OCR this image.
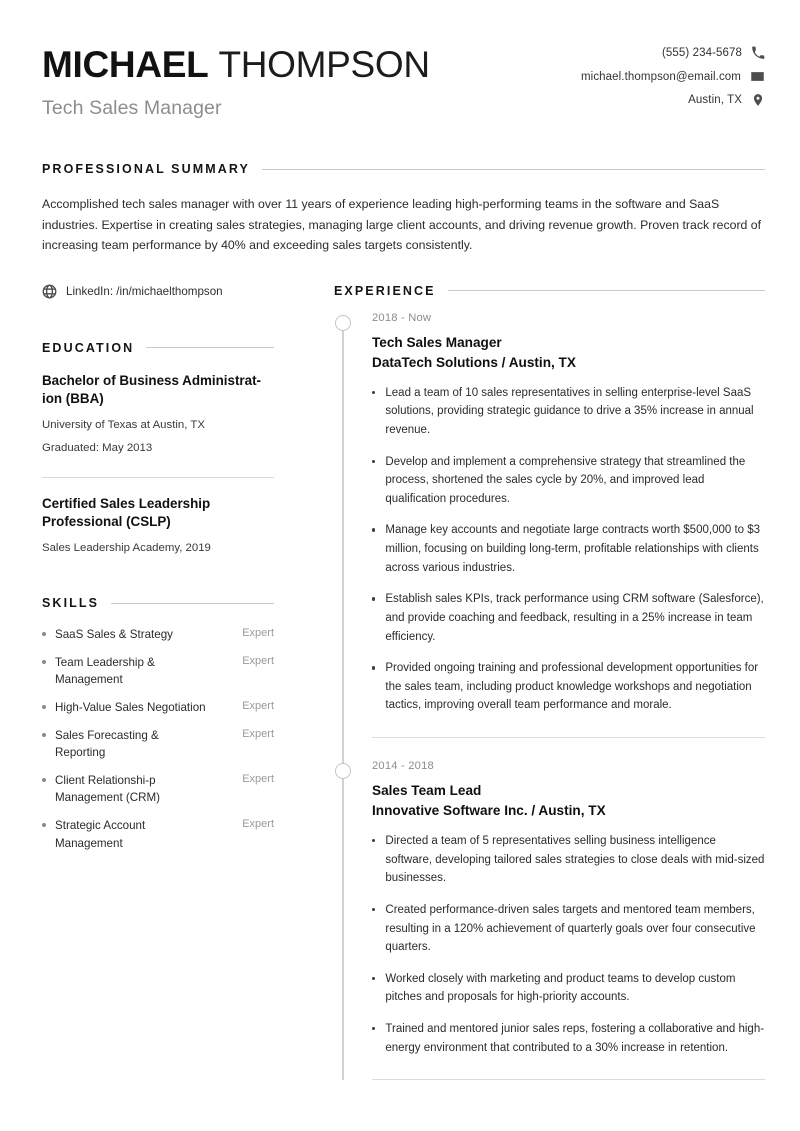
MICHAEL THOMPSON
Tech Sales Manager
(555) 234-5678
michael.thompson@email.com
Austin, TX
PROFESSIONAL SUMMARY

Accomplished tech sales manager with over 11 years of experience leading high-performing teams in the software and SaaS industries. Expertise in creating sales strategies, managing large client accounts, and driving revenue growth. Proven track record of increasing team performance by 40% and exceeding sales targets consistently.

LinkedIn: /in/michaelthompson
EDUCATION
Bachelor of Business Administrat-ion (BBA)
University of Texas at Austin, TX
Graduated: May 2013
Certified Sales Leadership Professional (CSLP)
Sales Leadership Academy, 2019
SKILLS
SaaS Sales & Strategy	Expert
Team Leadership & Management
Expert
High-Value Sales Negotiation	Expert
Sales Forecasting & Reporting
Expert
Client Relationshi-p Management (CRM)
Expert
Strategic Account Management
Expert
EXPERIENCE
2018 - Now
Tech Sales Manager
DataTech Solutions / Austin, TX
Lead a team of 10 sales representatives in selling enterprise-level SaaS solutions, providing strategic guidance to drive a 35% increase in annual revenue.
Develop and implement a comprehensive strategy that streamlined the process, shortened the sales cycle by 20%, and improved lead qualification procedures.
Manage key accounts and negotiate large contracts worth $500,000 to $3 million, focusing on building long-term, profitable relationships with clients across various industries.
Establish sales KPIs, track performance using CRM software (Salesforce), and provide coaching and feedback, resulting in a 25% increase in team efficiency.
Provided ongoing training and professional development opportunities for the sales team, including product knowledge workshops and negotiation tactics, improving overall team performance and morale.
2014 - 2018
Sales Team Lead
Innovative Software Inc. / Austin, TX
Directed a team of 5 representatives selling business intelligence software, developing tailored sales strategies to close deals with mid-sized businesses.
Created performance-driven sales targets and mentored team members, resulting in a 120% achievement of quarterly goals over four consecutive quarters.
Worked closely with marketing and product teams to develop custom pitches and proposals for high-priority accounts.
Trained and mentored junior sales reps, fostering a collaborative and high-energy environment that contributed to a 30% increase in retention.
